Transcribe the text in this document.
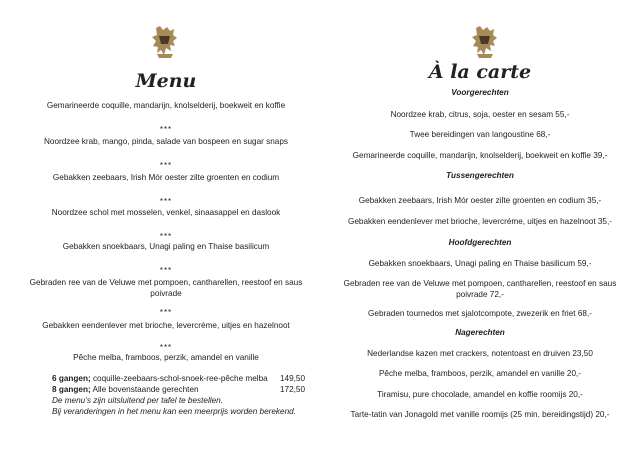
Menu
Gemarineerde coquille, mandarijn, knolselderij, boekweit en koffie
***
Noordzee krab, mango, pinda, salade van bospeen en sugar snaps
***
Gebakken zeebaars, Irish Mór oester zilte groenten en codium
***
Noordzee schol met mosselen, venkel, sinaasappel en daslook
***
Gebakken snoekbaars, Unagi paling en Thaise basilicum
***
Gebraden ree van de Veluwe met pompoen, cantharellen, reestoof en saus
poivrade
***
Gebakken eendenlever met brioche, levercréme, uitjes en hazelnoot
***
Pêche melba, framboos, perzik, amandel en vanille
6 gangen; coquille-zeebaars-schol-snoek-ree-pêche melba 149,50
8 gangen; Alle bovenstaande gerechten	172,50
De menu’s zijn uitsluitend per tafel te bestellen.
Bij veranderingen in het menu kan een meerprijs worden berekend.
À la carte
Voorgerechten
Noordzee krab, citrus, soja, oester en sesam 55,-
Twee bereidingen van langoustine 68,-
Gemarineerde coquille, mandarijn, knolselderij, boekweit en koffie 39,-
Tussengerechten
Gebakken zeebaars, Irish Mór oester zilte groenten en codium 35,-
Gebakken eendenlever met brioche, levercréme, uitjes en hazelnoot 35,-
Hoofdgerechten
Gebakken snoekbaars, Unagi paling en Thaise basilicum 59,-
Gebraden ree van de Veluwe met pompoen, cantharellen, reestoof en saus
poivrade 72,-
Gebraden tournedos met sjalotcompote, zwezerik en friet 68,-
Nagerechten
Nederlandse kazen met crackers, notentoast en druiven 23,50
Pêche melba, framboos, perzik, amandel en vanille 20,-
Tiramisu, pure chocolade, amandel en koffie roomijs 20,-
Tarte-tatin van Jonagold met vanille roomijs (25 min. bereidingstijd) 20,-
